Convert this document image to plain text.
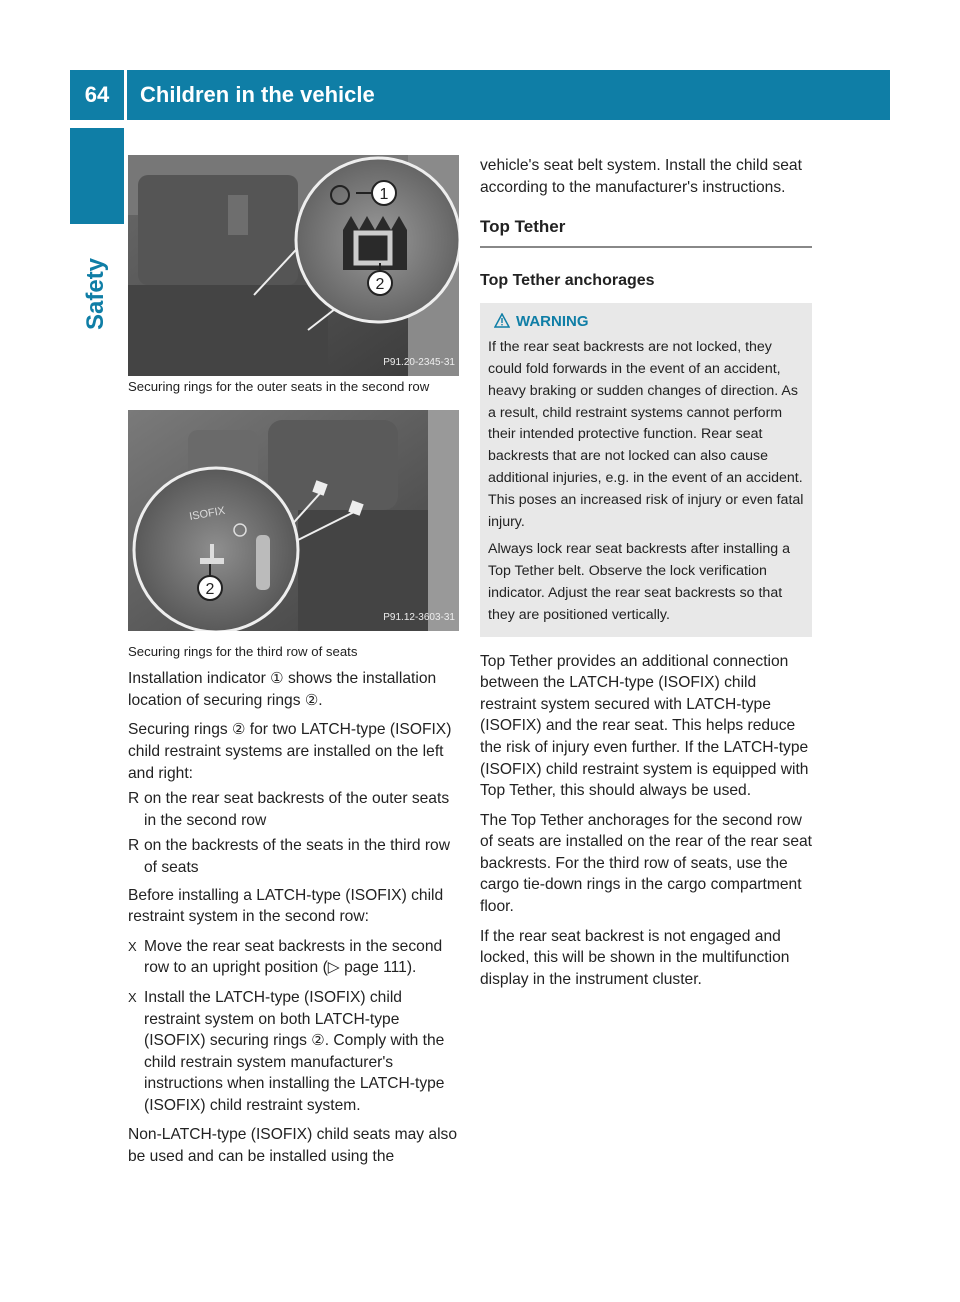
64	Children in the vehicle
Safety
1
2
P91.20-2345-31

Securing rings for the outer seats in the second row

ISOFIX
2
P91.12-3603-31

Securing rings for the third row of seats

Installation indicator ① shows the installation location of securing rings ②.

Securing rings ② for two LATCH-type (ISOFIX) child restraint systems are installed on the left and right:

R on the rear seat backrests of the outer seats in the second row
R on the backrests of the seats in the third row of seats

Before installing a LATCH-type (ISOFIX) child restraint system in the second row:

X Move the rear seat backrests in the second row to an upright position (▷ page 111).
X Install the LATCH-type (ISOFIX) child restraint system on both LATCH-type (ISOFIX) securing rings ②. Comply with the child restrain system manufacturer's instructions when installing the LATCH-type (ISOFIX) child restraint system.

Non-LATCH-type (ISOFIX) child seats may also be used and can be installed using the

vehicle's seat belt system. Install the child seat according to the manufacturer's instructions.

Top Tether
Top Tether anchorages
WARNING

If the rear seat backrests are not locked, they could fold forwards in the event of an accident, heavy braking or sudden changes of direction. As a result, child restraint systems cannot perform their intended protective function. Rear seat backrests that are not locked can also cause additional injuries, e.g. in the event of an accident. This poses an increased risk of injury or even fatal injury.

Always lock rear seat backrests after installing a Top Tether belt. Observe the lock verification indicator. Adjust the rear seat backrests so that they are positioned vertically.

Top Tether provides an additional connection between the LATCH-type (ISOFIX) child restraint system secured with LATCH-type (ISOFIX) and the rear seat. This helps reduce the risk of injury even further. If the LATCH-type (ISOFIX) child restraint system is equipped with Top Tether, this should always be used.

The Top Tether anchorages for the second row of seats are installed on the rear of the rear seat backrests. For the third row of seats, use the cargo tie-down rings in the cargo compartment floor.

If the rear seat backrest is not engaged and locked, this will be shown in the multifunction display in the instrument cluster.
